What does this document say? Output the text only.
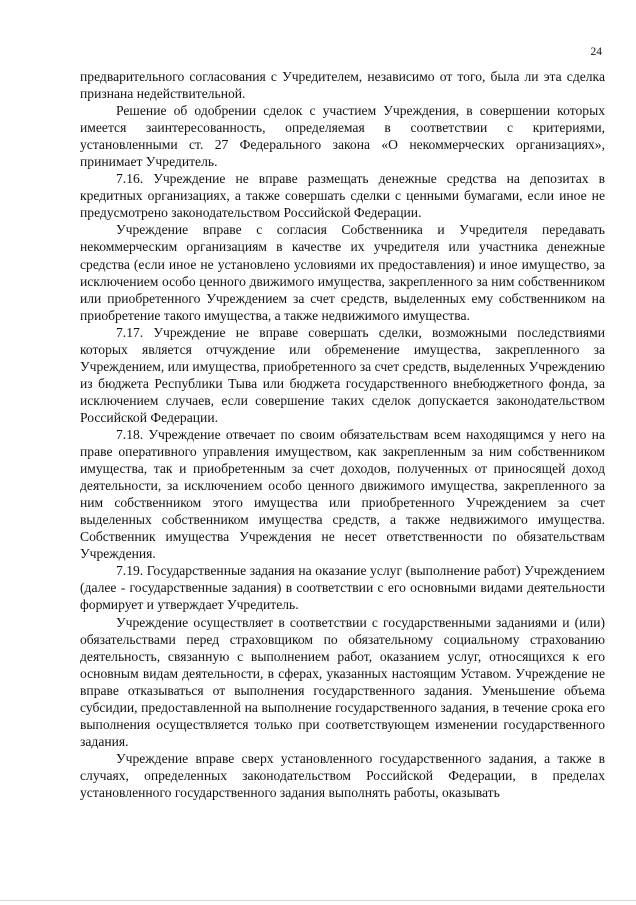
24

предварительного согласования с Учредителем, независимо от того, была ли эта сделка признана недействительной.

Решение об одобрении сделок с участием Учреждения, в совершении которых имеется заинтересованность, определяемая в соответствии с критериями, установленными ст. 27 Федерального закона «О некоммерческих организациях», принимает Учредитель.

7.16. Учреждение не вправе размещать денежные средства на депозитах в кредитных организациях, а также совершать сделки с ценными бумагами, если иное не предусмотрено законодательством Российской Федерации.

Учреждение вправе с согласия Собственника и Учредителя передавать некоммерческим организациям в качестве их учредителя или участника денежные средства (если иное не установлено условиями их предоставления) и иное имущество, за исключением особо ценного движимого имущества, закрепленного за ним собственником или приобретенного Учреждением за счет средств, выделенных ему собственником на приобретение такого имущества, а также недвижимого имущества.

7.17. Учреждение не вправе совершать сделки, возможными последствиями которых является отчуждение или обременение имущества, закрепленного за Учреждением, или имущества, приобретенного за счет средств, выделенных Учреждению из бюджета Республики Тыва или бюджета государственного внебюджетного фонда, за исключением случаев, если совершение таких сделок допускается законодательством Российской Федерации.

7.18. Учреждение отвечает по своим обязательствам всем находящимся у него на праве оперативного управления имуществом, как закрепленным за ним собственником имущества, так и приобретенным за счет доходов, полученных от приносящей доход деятельности, за исключением особо ценного движимого имущества, закрепленного за ним собственником этого имущества или приобретенного Учреждением за счет выделенных собственником имущества средств, а также недвижимого имущества. Собственник имущества Учреждения не несет ответственности по обязательствам Учреждения.

7.19. Государственные задания на оказание услуг (выполнение работ) Учреждением (далее - государственные задания) в соответствии с его основными видами деятельности формирует и утверждает Учредитель.

Учреждение осуществляет в соответствии с государственными заданиями и (или) обязательствами перед страховщиком по обязательному социальному страхованию деятельность, связанную с выполнением работ, оказанием услуг, относящихся к его основным видам деятельности, в сферах, указанных настоящим Уставом. Учреждение не вправе отказываться от выполнения государственного задания. Уменьшение объема субсидии, предоставленной на выполнение государственного задания, в течение срока его выполнения осуществляется только при соответствующем изменении государственного задания.

Учреждение вправе сверх установленного государственного задания, а также в случаях, определенных законодательством Российской Федерации, в пределах установленного государственного задания выполнять работы, оказывать
